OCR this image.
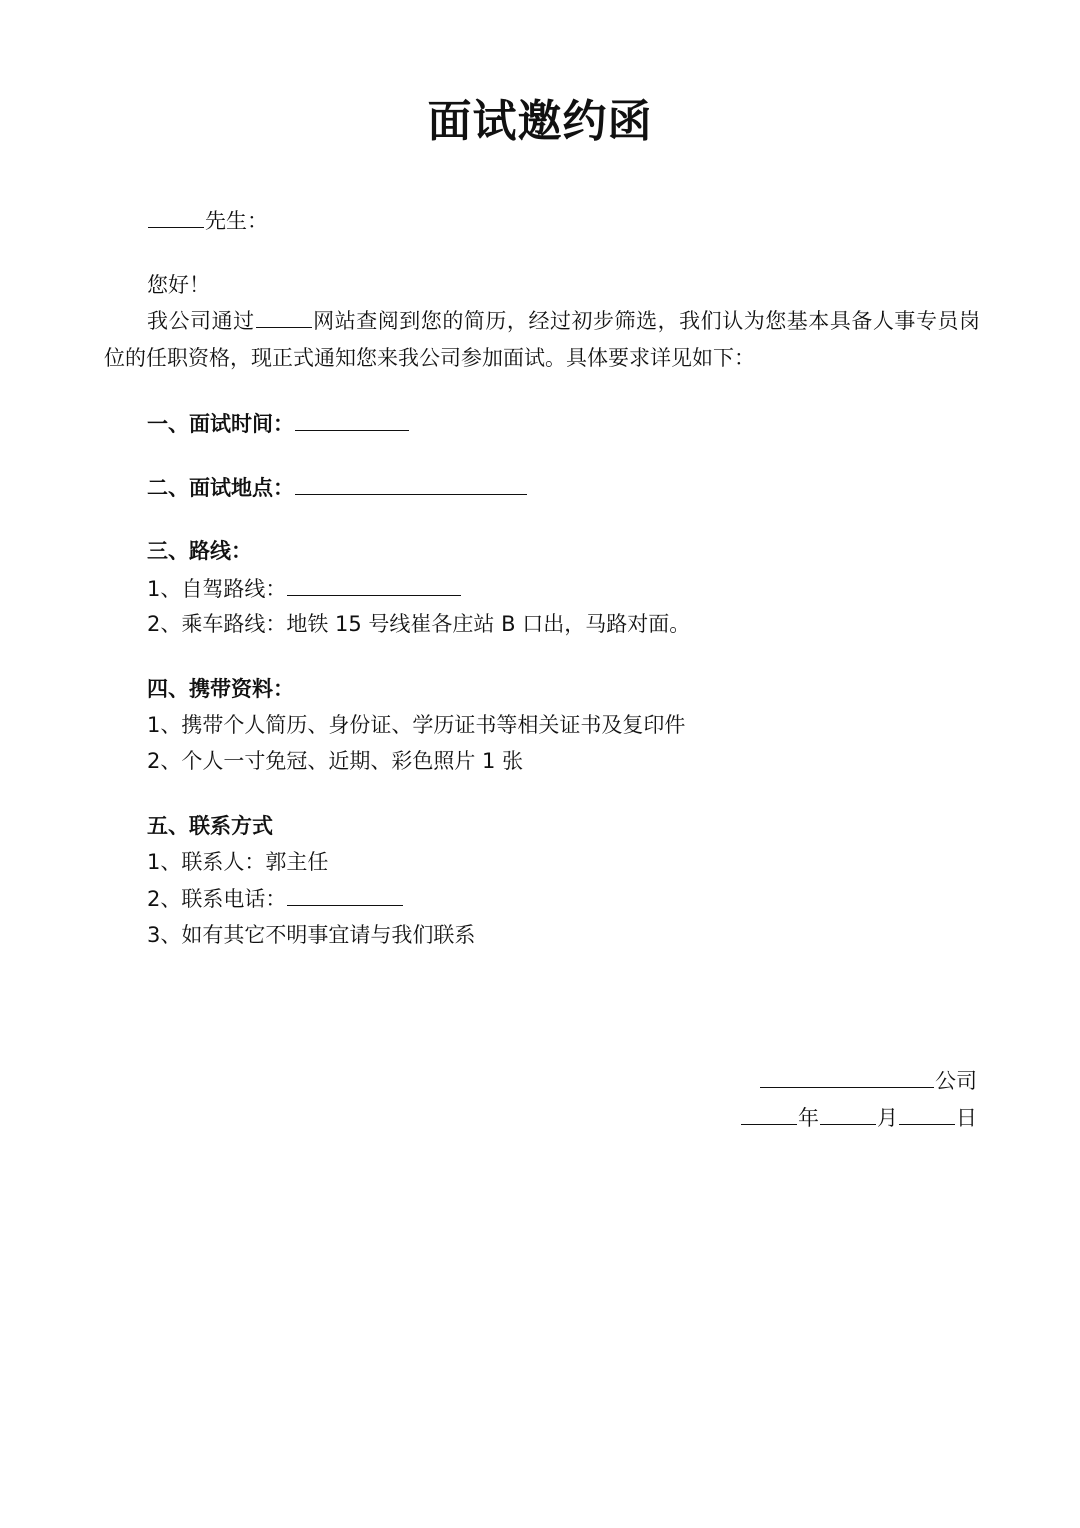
面试邀约函
先生：
您好！
我公司通过	网站查阅到您的简历，经过初步筛选，我们认为您基本具备人事专员岗位的任职资格，现正式通知您来我公司参加面试。具体要求详见如下：
一、面试时间：
二、面试地点：
三、路线：
1、自驾路线：
2、乘车路线：地铁 15 号线崔各庄站 B 口出，马路对面。
四、携带资料：
1、携带个人简历、身份证、学历证书等相关证书及复印件
2、个人一寸免冠、近期、彩色照片 1 张
五、联系方式
1、联系人：郭主任
2、联系电话：
3、如有其它不明事宜请与我们联系
公司
年	月	日
